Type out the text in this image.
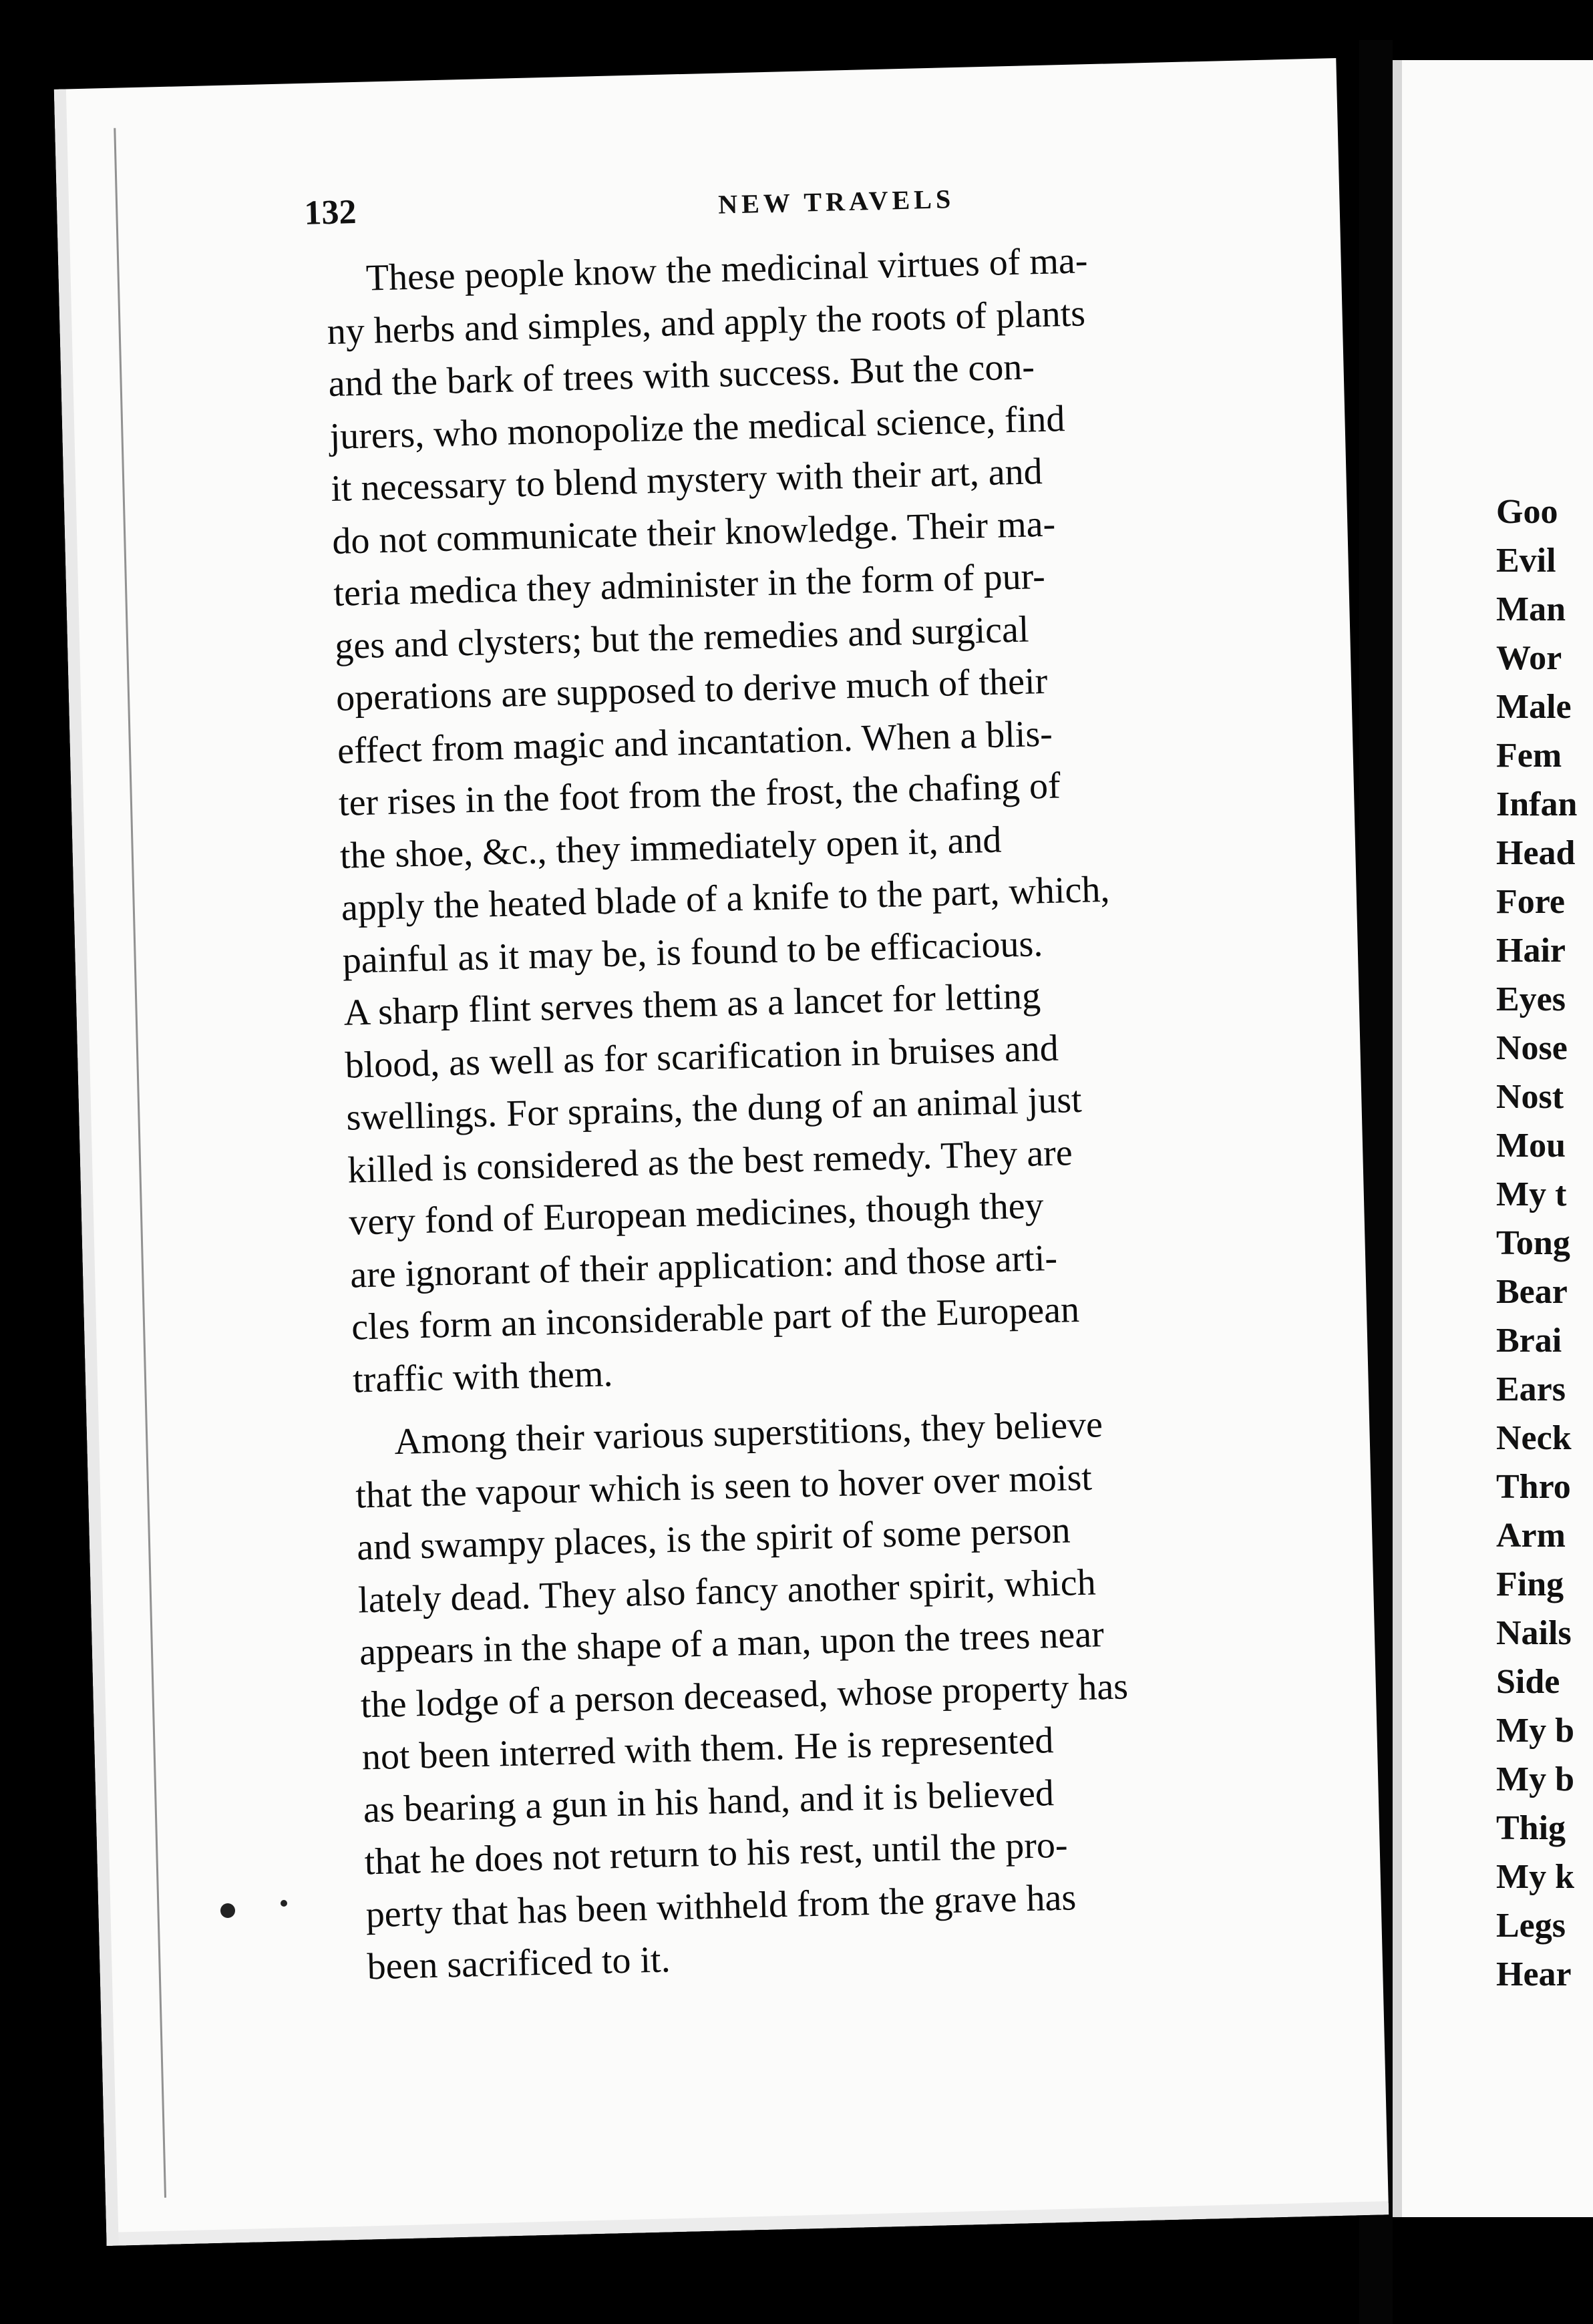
132	NEW TRAVELS
These people know the medicinal virtues of ma-
ny herbs and simples, and apply the roots of plants
and the bark of trees with success. But the con-
jurers, who monopolize the medical science, find
it necessary to blend mystery with their art, and
do not communicate their knowledge. Their ma-
teria medica they administer in the form of pur-
ges and clysters; but the remedies and surgical
operations are supposed to derive much of their
effect from magic and incantation. When a blis-
ter rises in the foot from the frost, the chafing of
the shoe, &c., they immediately open it, and
apply the heated blade of a knife to the part, which,
painful as it may be, is found to be efficacious.
A sharp flint serves them as a lancet for letting
blood, as well as for scarification in bruises and
swellings. For sprains, the dung of an animal just
killed is considered as the best remedy. They are
very fond of European medicines, though they
are ignorant of their application: and those arti-
cles form an inconsiderable part of the European
traffic with them.
Among their various superstitions, they believe
that the vapour which is seen to hover over moist
and swampy places, is the spirit of some person
lately dead. They also fancy another spirit, which
appears in the shape of a man, upon the trees near
the lodge of a person deceased, whose property has
not been interred with them. He is represented
as bearing a gun in his hand, and it is believed
that he does not return to his rest, until the pro-
perty that has been withheld from the grave has
been sacrificed to it.
Goo
Evil
Man
Wor
Male
Fem
Infan
Head
Fore
Hair
Eyes
Nose
Nost
Mou
My t
Tong
Bear
Brai
Ears
Neck
Thro
Arm
Fing
Nails
Side
My b
My b
Thig
My k
Legs
Hear
